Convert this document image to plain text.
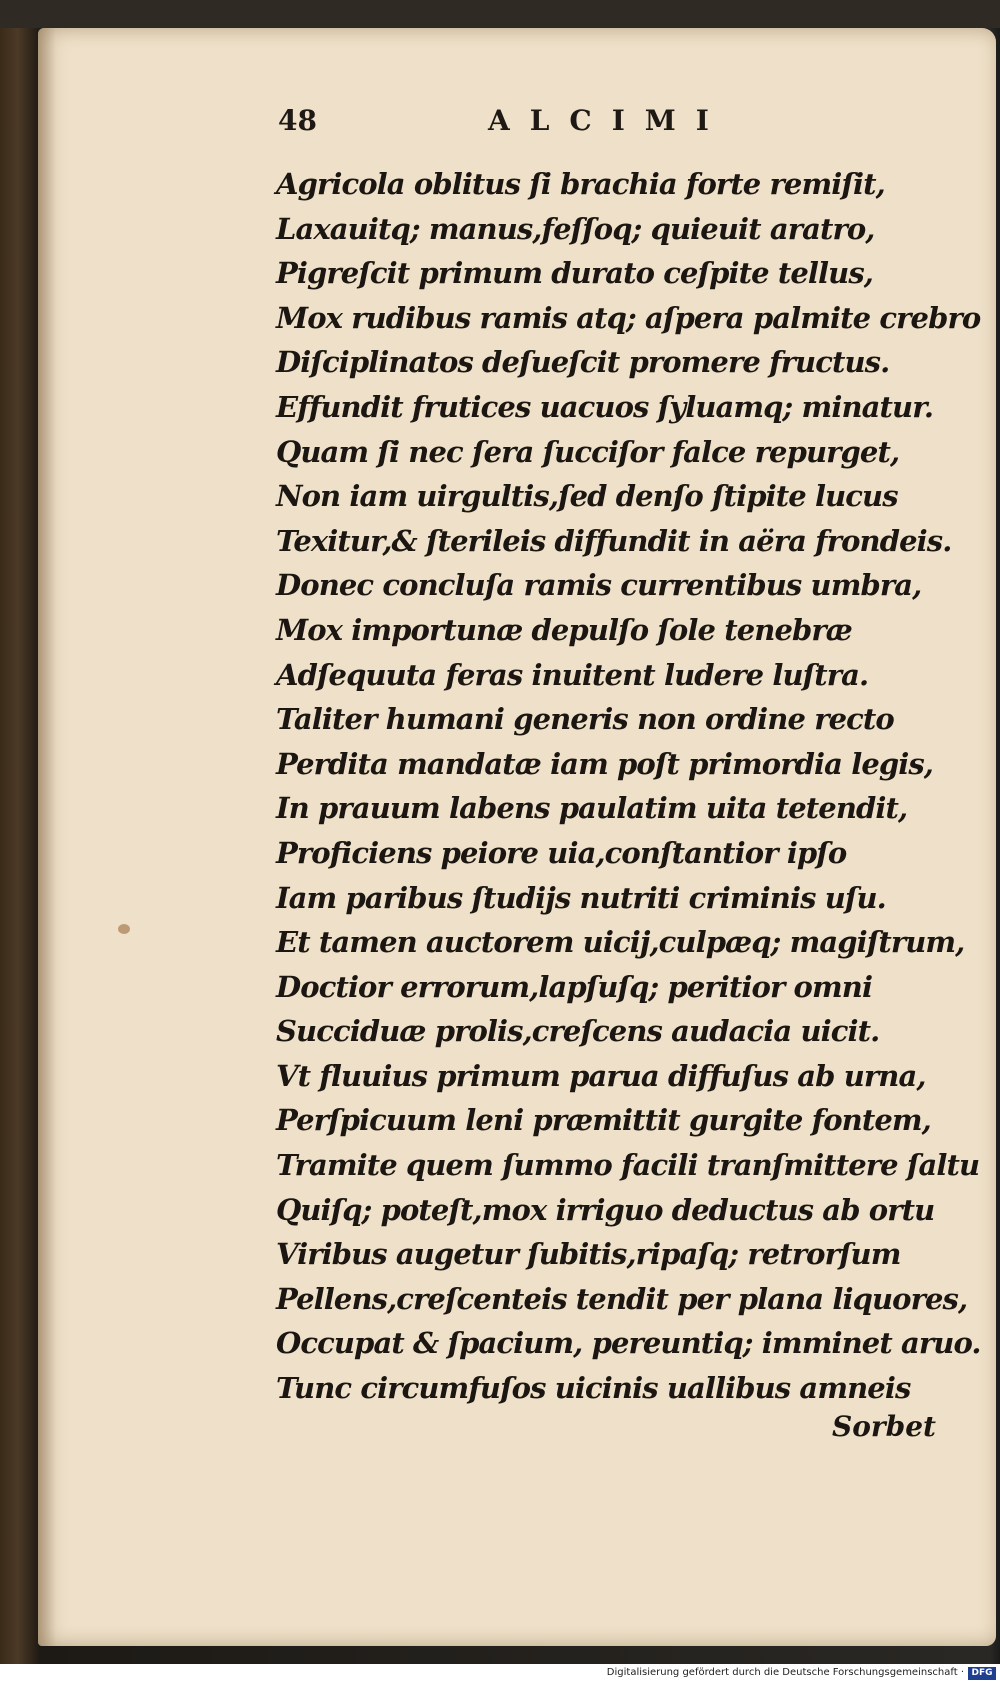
48	ALCIMI
Agricola oblitus ſi brachia forte remiſit,
Laxauitq; manus,feſſoq; quieuit aratro,
Pigreſcit primum durato ceſpite tellus,
Mox rudibus ramis atq; aſpera palmite crebro
Diſciplinatos deſueſcit promere fructus.
Effundit frutices uacuos ſyluamq; minatur.
Quam ſi nec ſera ſucciſor falce repurget,
Non iam uirgultis,ſed denſo ſtipite lucus
Texitur,& ſterileis diffundit in aëra frondeis.
Donec concluſa ramis currentibus umbra,
Mox importunæ depulſo ſole tenebræ
Adſequuta feras inuitent ludere luſtra.
Taliter humani generis non ordine recto
Perdita mandatæ iam poſt primordia legis,
In prauum labens paulatim uita tetendit,
Proficiens peiore uia,conſtantior ipſo
Iam paribus ſtudijs nutriti criminis uſu.
Et tamen auctorem uicij,culpæq; magiſtrum,
Doctior errorum,lapſuſq; peritior omni
Succiduæ prolis,creſcens audacia uicit.
Vt fluuius primum parua diffuſus ab urna,
Perſpicuum leni præmittit gurgite fontem,
Tramite quem ſummo facili tranſmittere ſaltu
Quiſq; poteſt,mox irriguo deductus ab ortu
Viribus augetur ſubitis,ripaſq; retrorſum
Pellens,creſcenteis tendit per plana liquores,
Occupat & ſpacium, pereuntiq; imminet aruo.
Tunc circumfuſos uicinis uallibus amneis
Sorbet
Digitalisierung gefördert durch die Deutsche Forschungsgemeinschaft · DFG
